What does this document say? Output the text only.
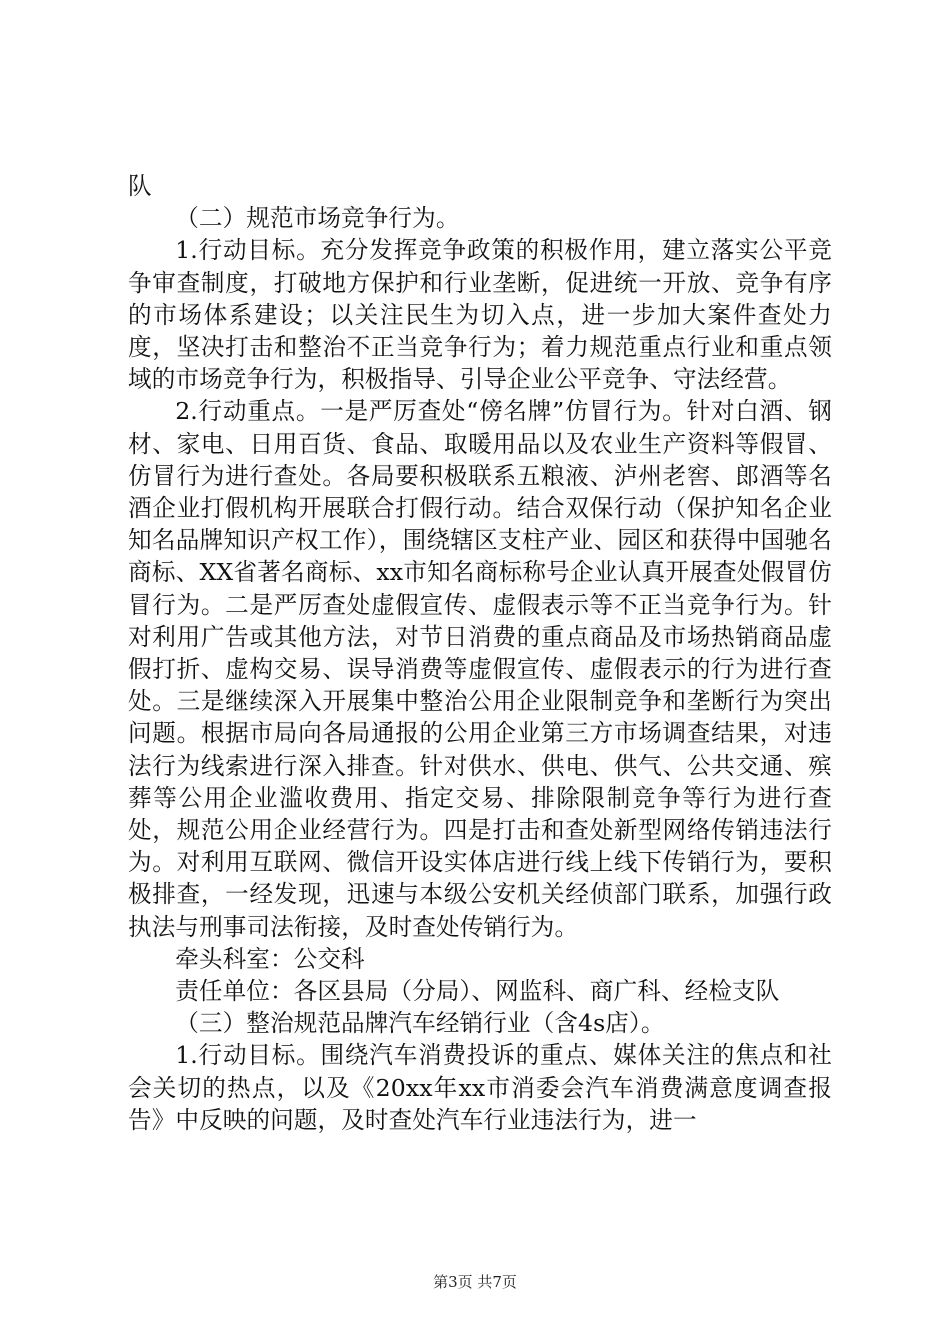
队

（二）规范市场竞争行为。

1.行动目标。充分发挥竞争政策的积极作用，建立落实公平竞争审查制度，打破地方保护和行业垄断，促进统一开放、竞争有序的市场体系建设；以关注民生为切入点，进一步加大案件查处力度，坚决打击和整治不正当竞争行为；着力规范重点行业和重点领域的市场竞争行为，积极指导、引导企业公平竞争、守法经营。

2.行动重点。一是严厉查处“傍名牌”仿冒行为。针对白酒、钢材、家电、日用百货、食品、取暖用品以及农业生产资料等假冒、仿冒行为进行查处。各局要积极联系五粮液、泸州老窖、郎酒等名酒企业打假机构开展联合打假行动。结合双保行动（保护知名企业知名品牌知识产权工作），围绕辖区支柱产业、园区和获得中国驰名商标、XX省著名商标、xx市知名商标称号企业认真开展查处假冒仿冒行为。二是严厉查处虚假宣传、虚假表示等不正当竞争行为。针对利用广告或其他方法，对节日消费的重点商品及市场热销商品虚假打折、虚构交易、误导消费等虚假宣传、虚假表示的行为进行查处。三是继续深入开展集中整治公用企业限制竞争和垄断行为突出问题。根据市局向各局通报的公用企业第三方市场调查结果，对违法行为线索进行深入排查。针对供水、供电、供气、公共交通、殡葬等公用企业滥收费用、指定交易、排除限制竞争等行为进行查处，规范公用企业经营行为。四是打击和查处新型网络传销违法行为。对利用互联网、微信开设实体店进行线上线下传销行为，要积极排查，一经发现，迅速与本级公安机关经侦部门联系，加强行政执法与刑事司法衔接，及时查处传销行为。

牵头科室：公交科

责任单位：各区县局（分局）、网监科、商广科、经检支队

（三）整治规范品牌汽车经销行业（含4s店）。

1.行动目标。围绕汽车消费投诉的重点、媒体关注的焦点和社会关切的热点，以及《20xx年xx市消委会汽车消费满意度调查报告》中反映的问题，及时查处汽车行业违法行为，进一

第3页 共7页
